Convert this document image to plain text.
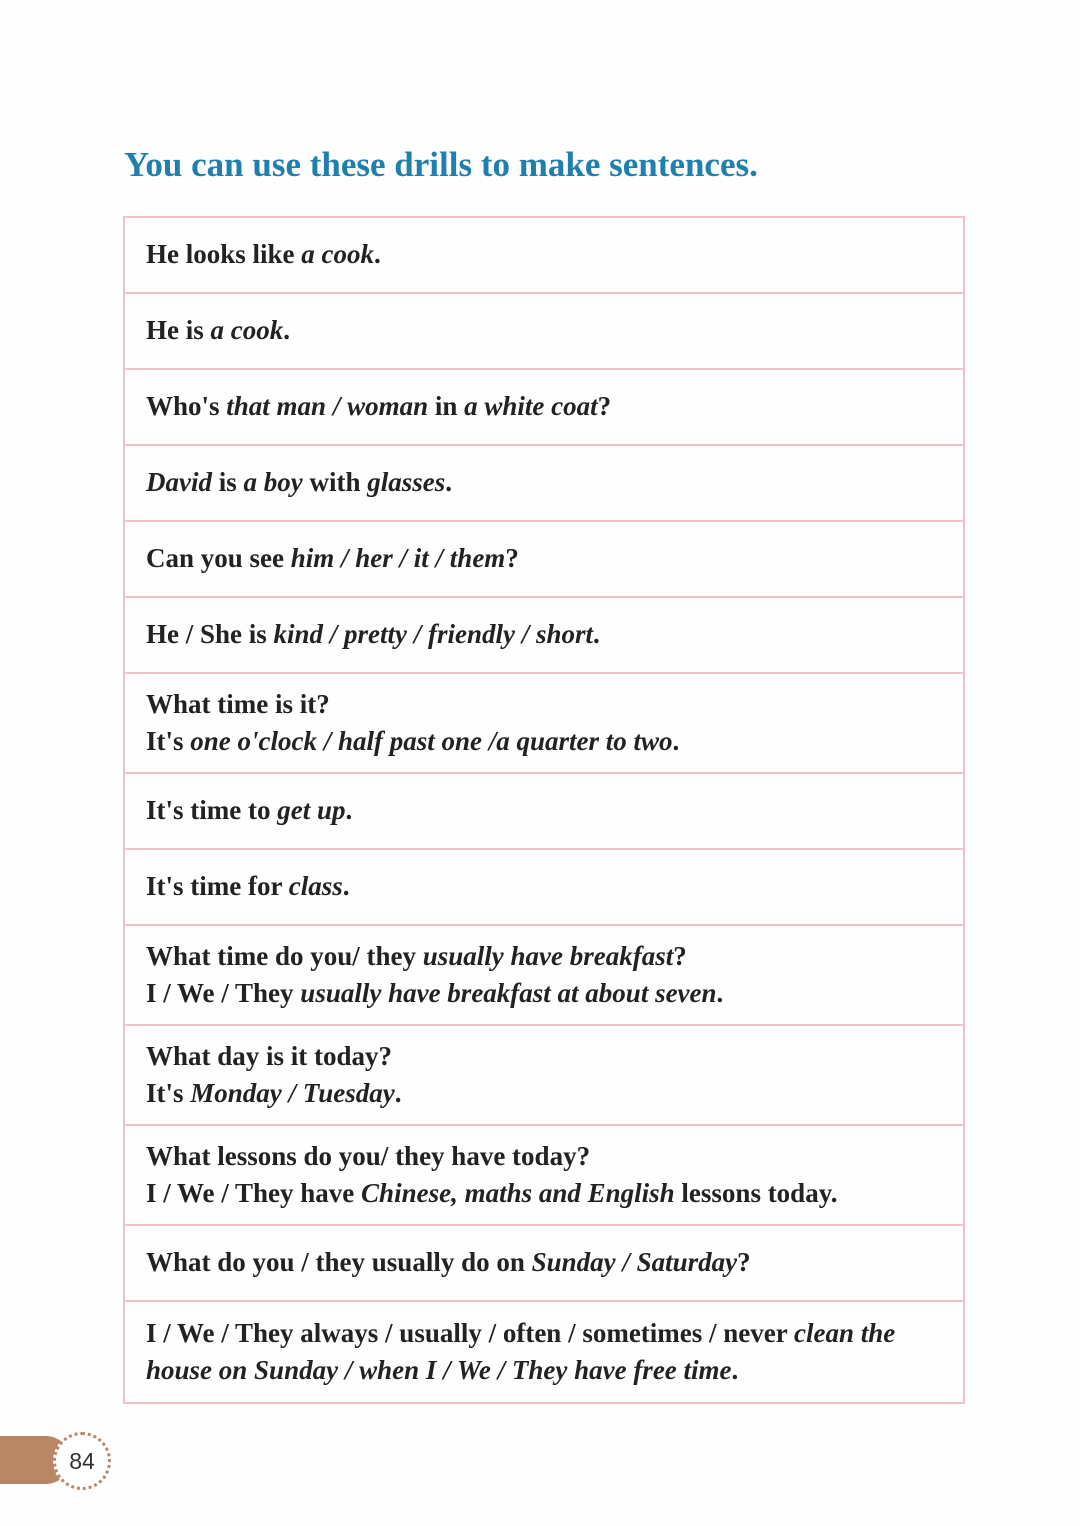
You can use these drills to make sentences.
He looks like a cook.
He is a cook.
Who's that man / woman in a white coat?
David is a boy with glasses.
Can you see him / her / it / them?
He / She is kind / pretty / friendly / short.
What time is it?
It's one o'clock / half past one /a quarter to two.
It's time to get up.
It's time for class.
What time do you/ they usually have breakfast?
I / We / They usually have breakfast at about seven.
What day is it today?
It's Monday / Tuesday.
What lessons do you/ they have today?
I / We / They have Chinese, maths and English lessons today.
What do you / they usually do on Sunday / Saturday?
I / We / They always / usually / often / sometimes / never clean the
house on Sunday / when I / We / They have free time.
84
